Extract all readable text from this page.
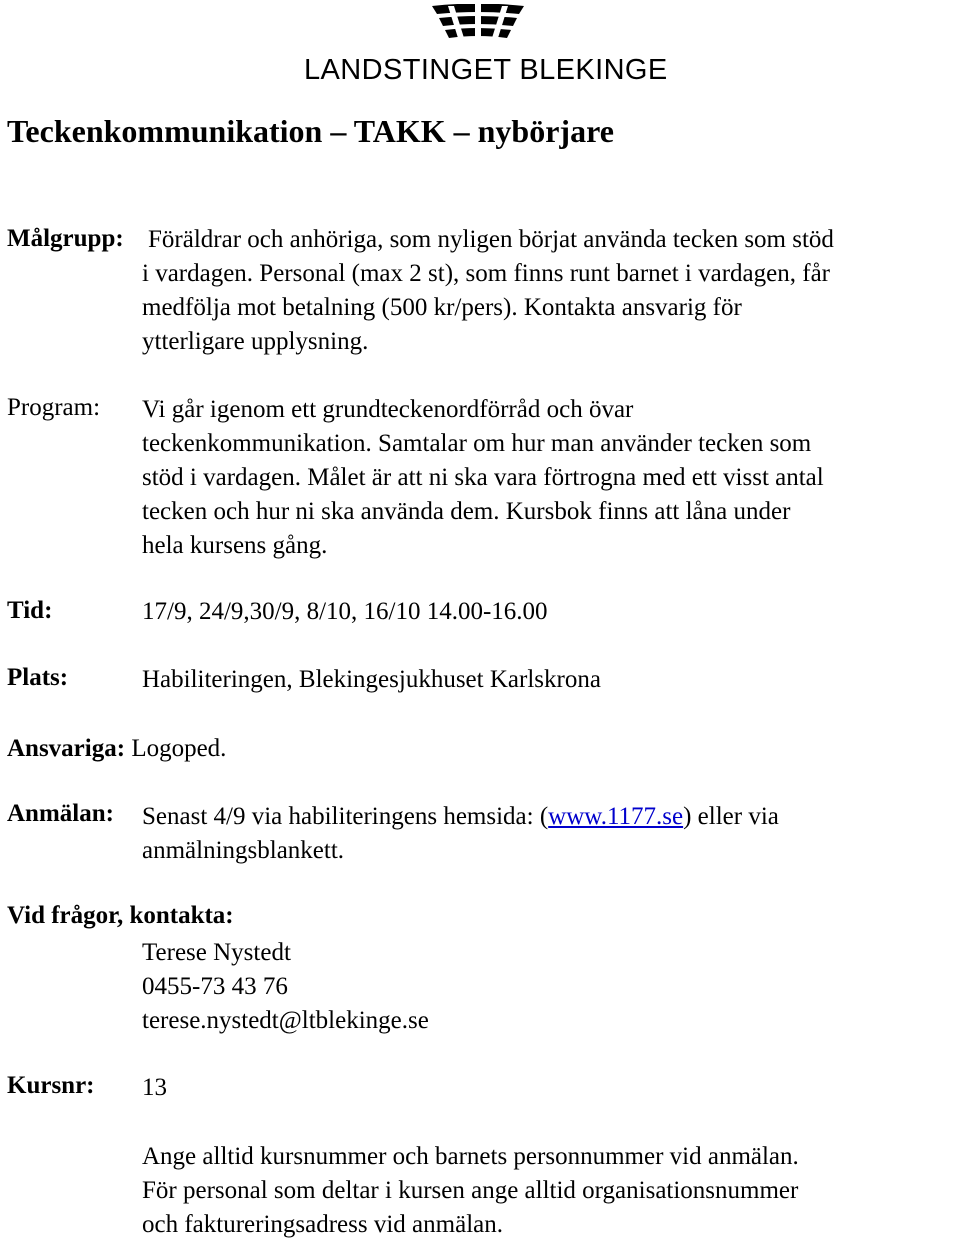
LANDSTINGET BLEKINGE
Teckenkommunikation – TAKK – nybörjare
Målgrupp: Föräldrar och anhöriga, som nyligen börjat använda tecken som stöd
i vardagen. Personal (max 2 st), som finns runt barnet i vardagen, får
medfölja mot betalning (500 kr/pers). Kontakta ansvarig för
ytterligare upplysning.
Program: Vi går igenom ett grundteckenordförråd och övar
teckenkommunikation. Samtalar om hur man använder tecken som
stöd i vardagen. Målet är att ni ska vara förtrogna med ett visst antal
tecken och hur ni ska använda dem. Kursbok finns att låna under
hela kursens gång.
Tid:	17/9, 24/9,30/9, 8/10, 16/10 14.00-16.00
Plats:	Habiliteringen, Blekingesjukhuset Karlskrona
Ansvariga: Logoped.
Anmälan: Senast 4/9 via habiliteringens hemsida: (www.1177.se) eller via
anmälningsblankett.
Vid frågor, kontakta:
Terese Nystedt
0455-73 43 76
terese.nystedt@ltblekinge.se
Kursnr: 13
Ange alltid kursnummer och barnets personnummer vid anmälan.
För personal som deltar i kursen ange alltid organisationsnummer
och faktureringsadress vid anmälan.
